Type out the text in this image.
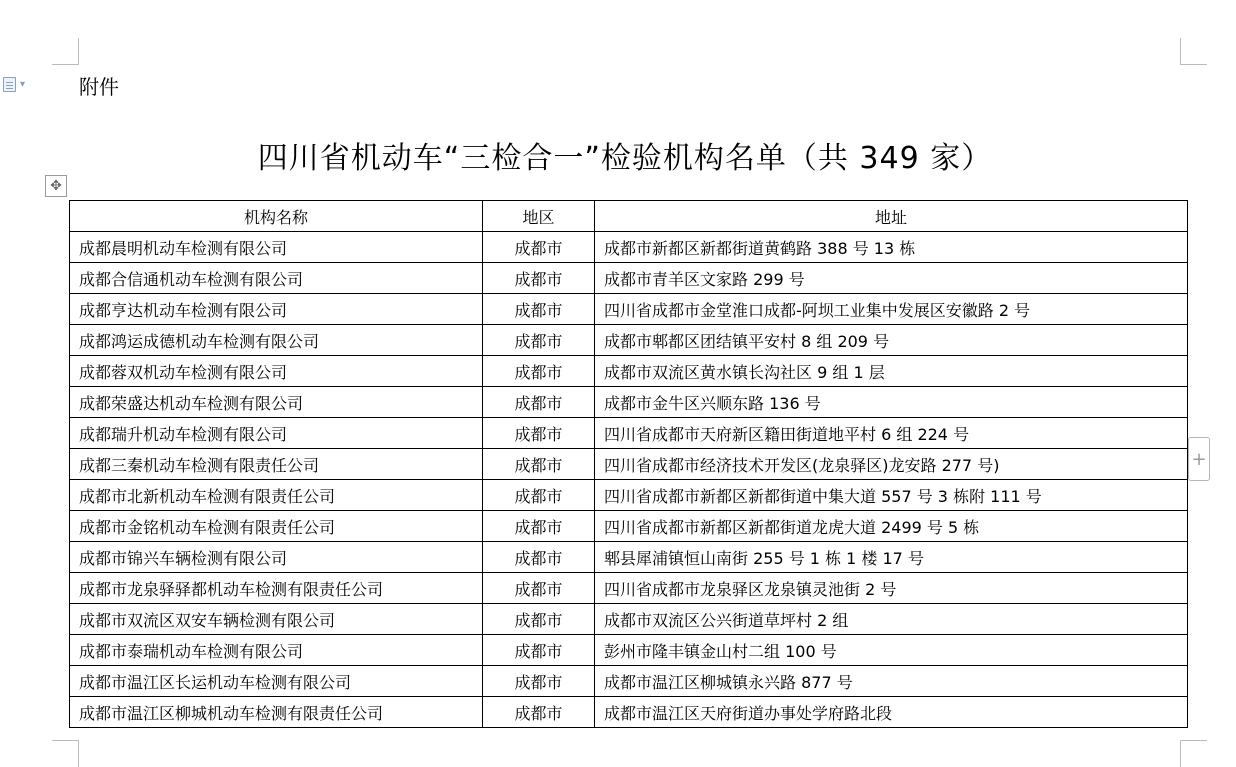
▾	附件
四川省机动车“三检合一”检验机构名单（共 349 家）
✥
+
机构名称	地区	地址
成都晨明机动车检测有限公司	成都市	成都市新都区新都街道黄鹤路 388 号 13 栋
成都合信通机动车检测有限公司	成都市	成都市青羊区文家路 299 号
成都亨达机动车检测有限公司	成都市	四川省成都市金堂淮口成都-阿坝工业集中发展区安徽路 2 号
成都鸿运成德机动车检测有限公司	成都市	成都市郫都区团结镇平安村 8 组 209 号
成都蓉双机动车检测有限公司	成都市	成都市双流区黄水镇长沟社区 9 组 1 层
成都荣盛达机动车检测有限公司	成都市	成都市金牛区兴顺东路 136 号
成都瑞升机动车检测有限公司	成都市	四川省成都市天府新区籍田街道地平村 6 组 224 号
成都三秦机动车检测有限责任公司	成都市	四川省成都市经济技术开发区(龙泉驿区)龙安路 277 号)
成都市北新机动车检测有限责任公司	成都市	四川省成都市新都区新都街道中集大道 557 号 3 栋附 111 号
成都市金铭机动车检测有限责任公司	成都市	四川省成都市新都区新都街道龙虎大道 2499 号 5 栋
成都市锦兴车辆检测有限公司	成都市	郫县犀浦镇恒山南街 255 号 1 栋 1 楼 17 号
成都市龙泉驿驿都机动车检测有限责任公司	成都市	四川省成都市龙泉驿区龙泉镇灵池街 2 号
成都市双流区双安车辆检测有限公司	成都市	成都市双流区公兴街道草坪村 2 组
成都市泰瑞机动车检测有限公司	成都市	彭州市隆丰镇金山村二组 100 号
成都市温江区长运机动车检测有限公司	成都市	成都市温江区柳城镇永兴路 877 号
成都市温江区柳城机动车检测有限责任公司	成都市	成都市温江区天府街道办事处学府路北段
